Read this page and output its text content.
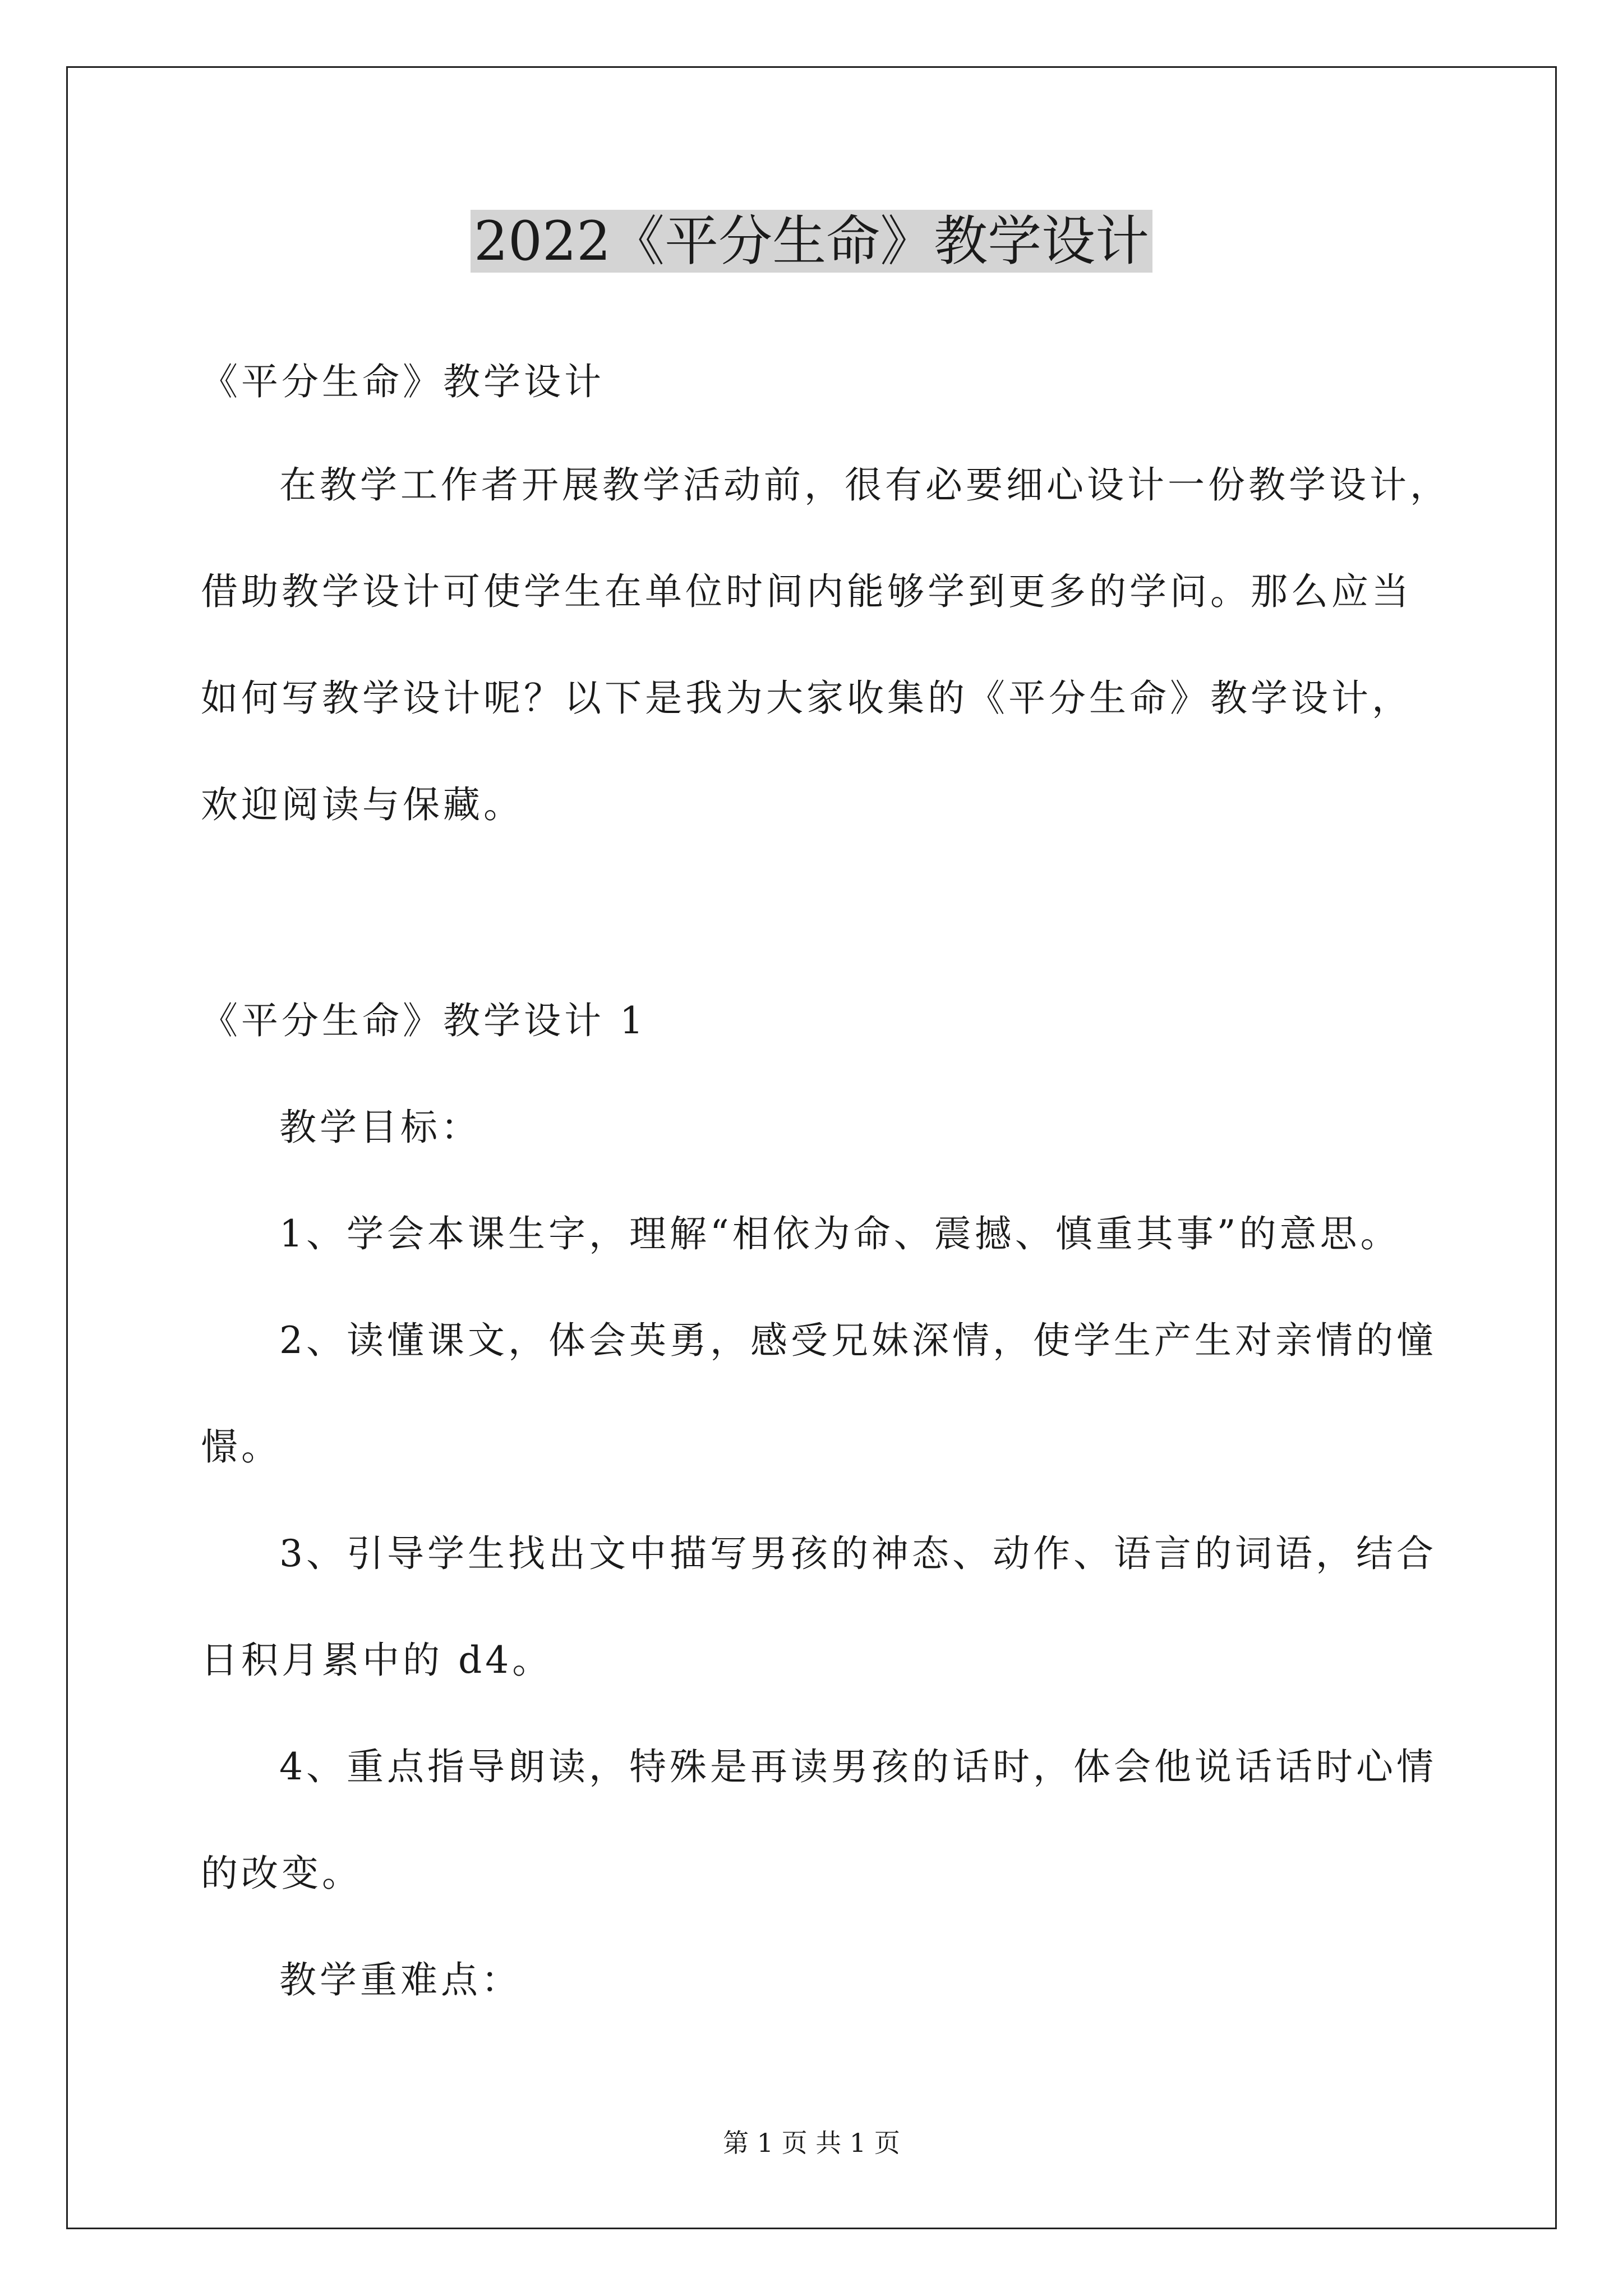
2022《平分生命》教学设计
《平分生命》教学设计
在教学工作者开展教学活动前，很有必要细心设计一份教学设计，
借助教学设计可使学生在单位时间内能够学到更多的学问。那么应当
如何写教学设计呢？以下是我为大家收集的《平分生命》教学设计，
欢迎阅读与保藏。
《平分生命》教学设计 1
教学目标：
1、学会本课生字，理解“相依为命、震撼、慎重其事”的意思。
2、读懂课文，体会英勇，感受兄妹深情，使学生产生对亲情的憧
憬。
3、引导学生找出文中描写男孩的神态、动作、语言的词语，结合
日积月累中的 d4。
4、重点指导朗读，特殊是再读男孩的话时，体会他说话话时心情
的改变。
教学重难点：
第 1 页 共 1 页
